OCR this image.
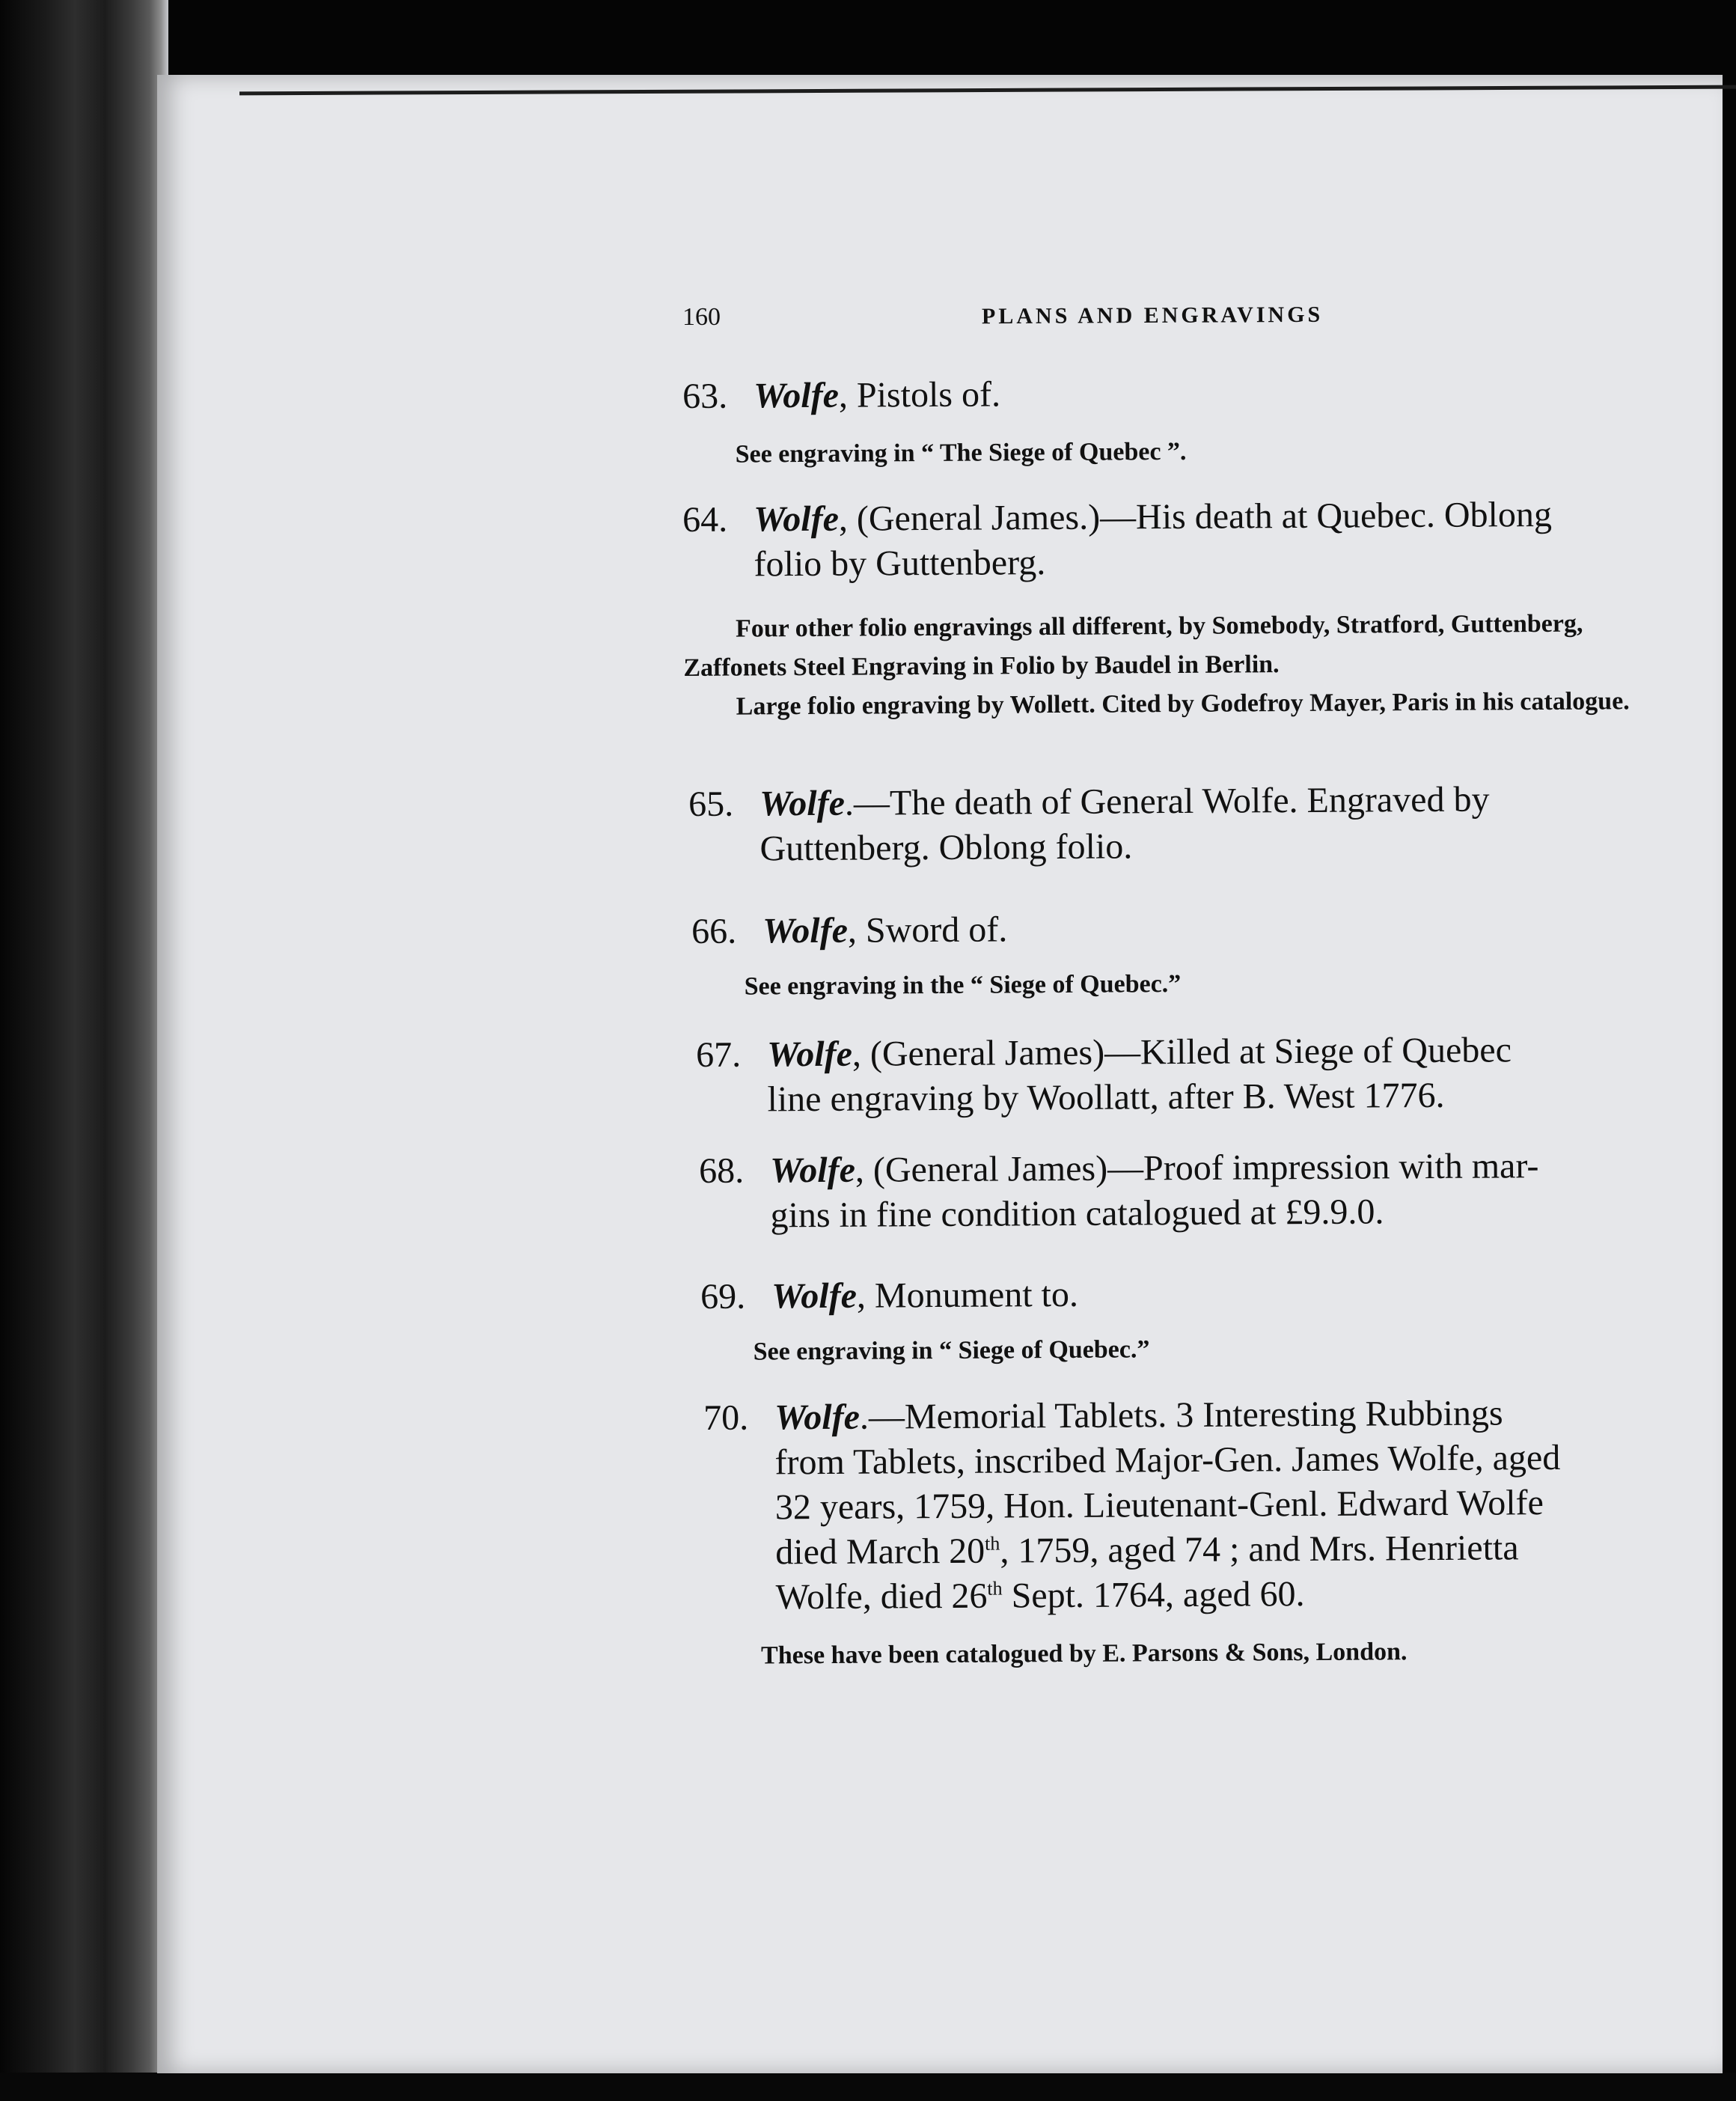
160	PLANS AND ENGRAVINGS
63. Wolfe, Pistols of.
See engraving in “ The Siege of Quebec ”.
64. Wolfe, (General James.)—His death at Quebec. Oblong
folio by Guttenberg.
Four other folio engravings all different, by Somebody, Stratford, Guttenberg, Zaffonets Steel Engraving in Folio by Baudel in Berlin.
Large folio engraving by Wollett. Cited by Godefroy Mayer, Paris in his catalogue.
65. Wolfe.—The death of General Wolfe. Engraved by
Guttenberg. Oblong folio.
66. Wolfe, Sword of.
See engraving in the “ Siege of Quebec.”
67. Wolfe, (General James)—Killed at Siege of Quebec
line engraving by Woollatt, after B. West 1776.
68. Wolfe, (General James)—Proof impression with mar-
gins in fine condition catalogued at £9.9.0.
69. Wolfe, Monument to.
See engraving in “ Siege of Quebec.”
70. Wolfe.—Memorial Tablets. 3 Interesting Rubbings
from Tablets, inscribed Major-Gen. James Wolfe, aged
32 years, 1759, Hon. Lieutenant-Genl. Edward Wolfe
died March 20th, 1759, aged 74 ; and Mrs. Henrietta
Wolfe, died 26th Sept. 1764, aged 60.
These have been catalogued by E. Parsons & Sons, London.
